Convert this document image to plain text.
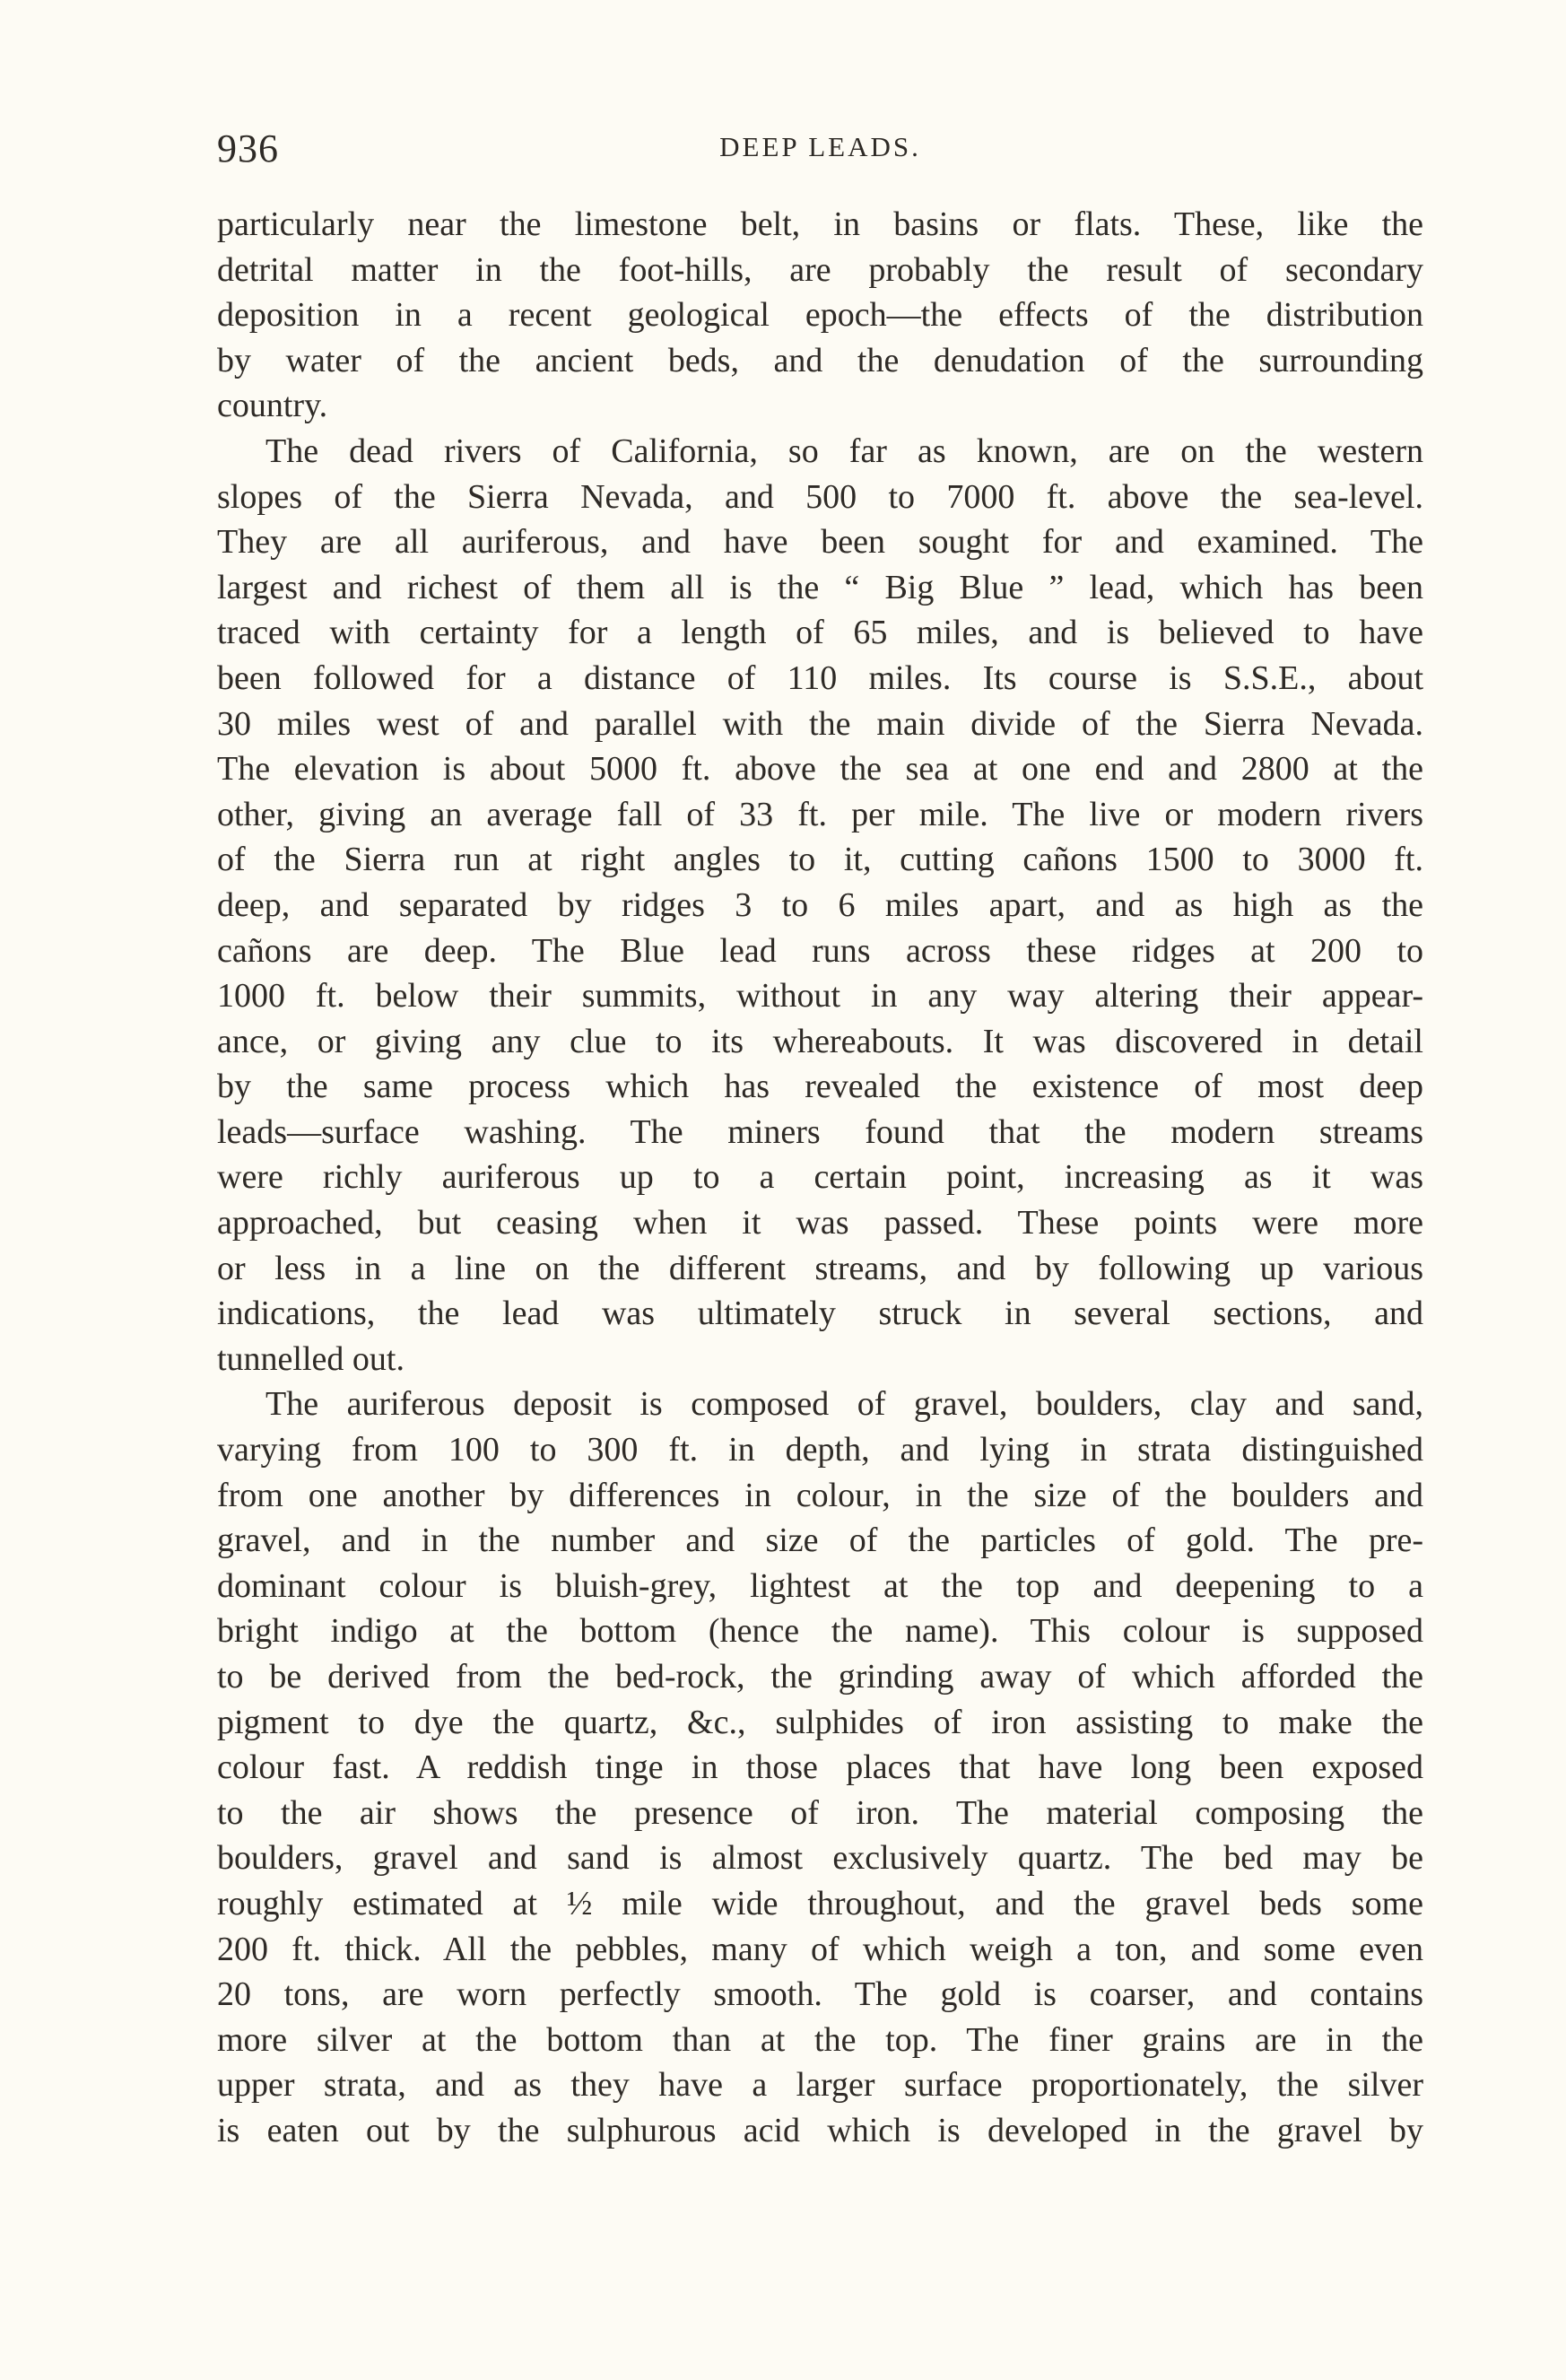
936	DEEP LEADS.
particularly near the limestone belt, in basins or flats. These, like the
detrital matter in the foot-hills, are probably the result of secondary
deposition in a recent geological epoch—the effects of the distribution
by water of the ancient beds, and the denudation of the surrounding
country.
The dead rivers of California, so far as known, are on the western
slopes of the Sierra Nevada, and 500 to 7000 ft. above the sea-level.
They are all auriferous, and have been sought for and examined. The
largest and richest of them all is the “ Big Blue ” lead, which has been
traced with certainty for a length of 65 miles, and is believed to have
been followed for a distance of 110 miles. Its course is S.S.E., about
30 miles west of and parallel with the main divide of the Sierra Nevada.
The elevation is about 5000 ft. above the sea at one end and 2800 at the
other, giving an average fall of 33 ft. per mile. The live or modern rivers
of the Sierra run at right angles to it, cutting cañons 1500 to 3000 ft.
deep, and separated by ridges 3 to 6 miles apart, and as high as the
cañons are deep. The Blue lead runs across these ridges at 200 to
1000 ft. below their summits, without in any way altering their appear-
ance, or giving any clue to its whereabouts. It was discovered in detail
by the same process which has revealed the existence of most deep
leads—surface washing. The miners found that the modern streams
were richly auriferous up to a certain point, increasing as it was
approached, but ceasing when it was passed. These points were more
or less in a line on the different streams, and by following up various
indications, the lead was ultimately struck in several sections, and
tunnelled out.
The auriferous deposit is composed of gravel, boulders, clay and sand,
varying from 100 to 300 ft. in depth, and lying in strata distinguished
from one another by differences in colour, in the size of the boulders and
gravel, and in the number and size of the particles of gold. The pre-
dominant colour is bluish-grey, lightest at the top and deepening to a
bright indigo at the bottom (hence the name). This colour is supposed
to be derived from the bed-rock, the grinding away of which afforded the
pigment to dye the quartz, &c., sulphides of iron assisting to make the
colour fast. A reddish tinge in those places that have long been exposed
to the air shows the presence of iron. The material composing the
boulders, gravel and sand is almost exclusively quartz. The bed may be
roughly estimated at ½ mile wide throughout, and the gravel beds some
200 ft. thick. All the pebbles, many of which weigh a ton, and some even
20 tons, are worn perfectly smooth. The gold is coarser, and contains
more silver at the bottom than at the top. The finer grains are in the
upper strata, and as they have a larger surface proportionately, the silver
is eaten out by the sulphurous acid which is developed in the gravel by
